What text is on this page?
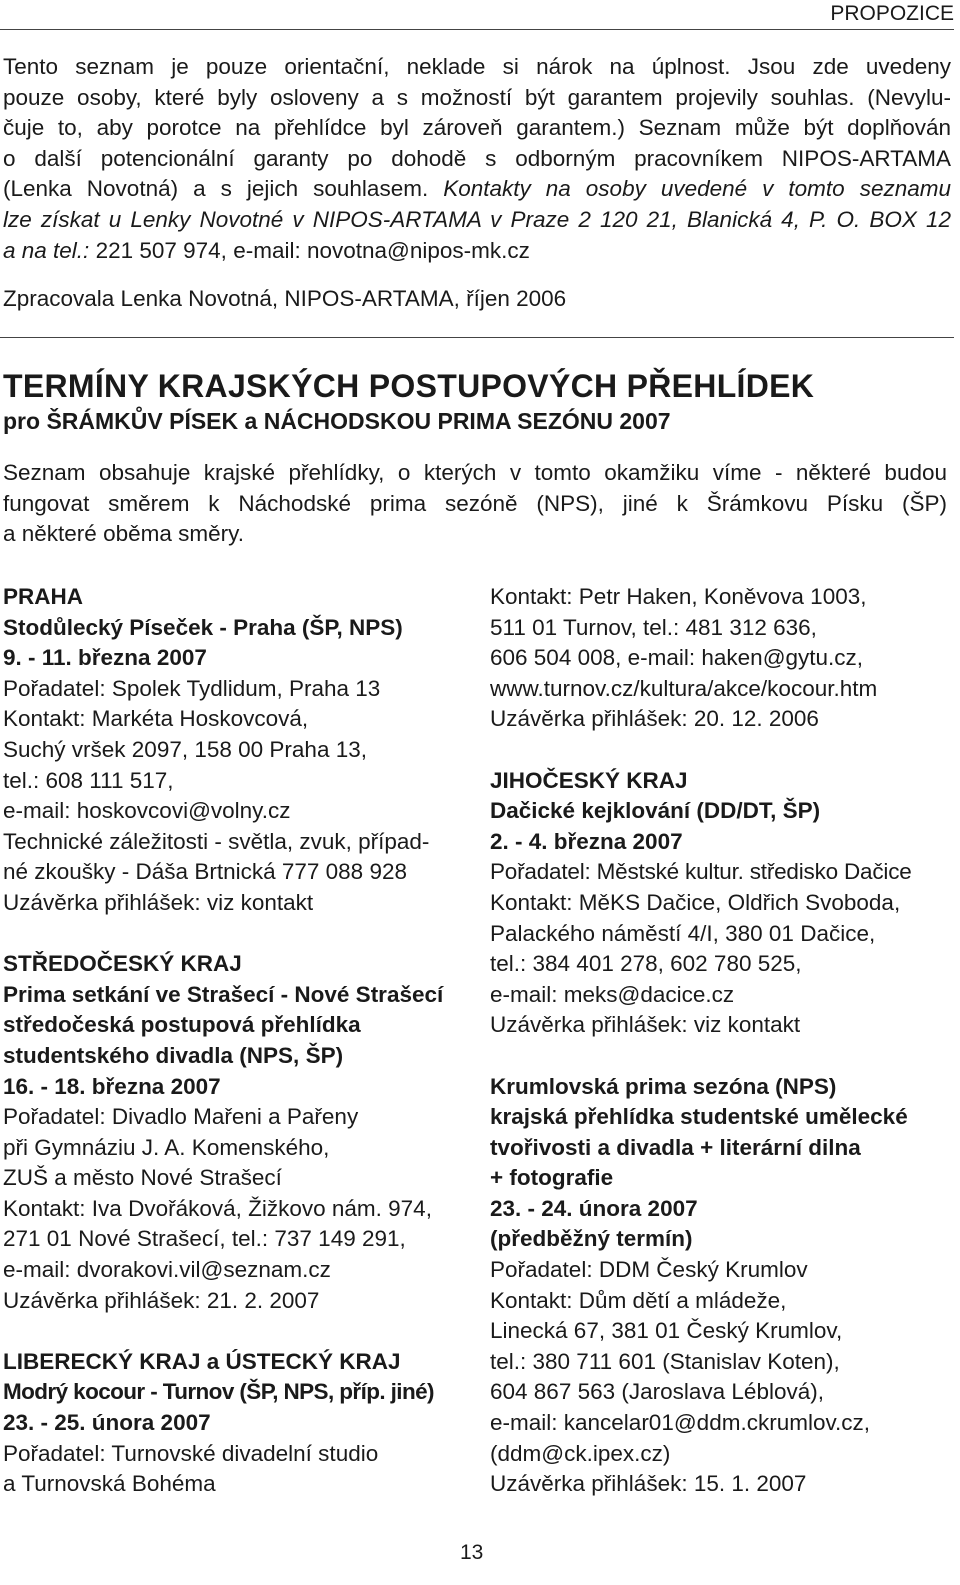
PROPOZICE
Tento seznam je pouze orientační, neklade si nárok na úplnost. Jsou zde uvedeny
pouze osoby, které byly osloveny a s možností být garantem projevily souhlas. (Nevylu-
čuje to, aby porotce na přehlídce byl zároveň garantem.) Seznam může být doplňován
o další potencionální garanty po dohodě s odborným pracovníkem NIPOS-ARTAMA
(Lenka Novotná) a s jejich souhlasem. Kontakty na osoby uvedené v tomto seznamu
lze získat u Lenky Novotné v NIPOS-ARTAMA v Praze 2 120 21, Blanická 4, P. O. BOX 12
a na tel.: 221 507 974, e-mail: novotna@nipos-mk.cz
Zpracovala Lenka Novotná, NIPOS-ARTAMA, říjen 2006
TERMÍNY KRAJSKÝCH POSTUPOVÝCH PŘEHLÍDEK
pro ŠRÁMKŮV PÍSEK a NÁCHODSKOU PRIMA SEZÓNU 2007
Seznam obsahuje krajské přehlídky, o kterých v tomto okamžiku víme - některé budou
fungovat směrem k Náchodské prima sezóně (NPS), jiné k Šrámkovu Písku (ŠP)
a některé oběma směry.
PRAHA
Stodůlecký Píseček - Praha (ŠP, NPS)
9. - 11. března 2007
Pořadatel: Spolek Tydlidum, Praha 13
Kontakt: Markéta Hoskovcová,
Suchý vršek 2097, 158 00 Praha 13,
tel.: 608 111 517,
e-mail: hoskovcovi@volny.cz
Technické záležitosti - světla, zvuk, případ-
né zkoušky - Dáša Brtnická 777 088 928
Uzávěrka přihlášek: viz kontakt
STŘEDOČESKÝ KRAJ
Prima setkání ve Strašecí - Nové Strašecí
středočeská postupová přehlídka
studentského divadla (NPS, ŠP)
16. - 18. března 2007
Pořadatel: Divadlo Mařeni a Pařeny
při Gymnáziu J. A. Komenského,
ZUŠ a město Nové Strašecí
Kontakt: Iva Dvořáková, Žižkovo nám. 974,
271 01 Nové Strašecí, tel.: 737 149 291,
e-mail: dvorakovi.vil@seznam.cz
Uzávěrka přihlášek: 21. 2. 2007
LIBERECKÝ KRAJ a ÚSTECKÝ KRAJ
Modrý kocour - Turnov (ŠP, NPS, příp. jiné)
23. - 25. února 2007
Pořadatel: Turnovské divadelní studio
a Turnovská Bohéma
Kontakt: Petr Haken, Koněvova 1003,
511 01 Turnov, tel.: 481 312 636,
606 504 008, e-mail: haken@gytu.cz,
www.turnov.cz/kultura/akce/kocour.htm
Uzávěrka přihlášek: 20. 12. 2006
JIHOČESKÝ KRAJ
Dačické kejklování (DD/DT, ŠP)
2. - 4. března 2007
Pořadatel: Městské kultur. středisko Dačice
Kontakt: MěKS Dačice, Oldřich Svoboda,
Palackého náměstí 4/I, 380 01 Dačice,
tel.: 384 401 278, 602 780 525,
e-mail: meks@dacice.cz
Uzávěrka přihlášek: viz kontakt
Krumlovská prima sezóna (NPS)
krajská přehlídka studentské umělecké
tvořivosti a divadla + literární dilna
+ fotografie
23. - 24. února 2007
(předběžný termín)
Pořadatel: DDM Český Krumlov
Kontakt: Dům dětí a mládeže,
Linecká 67, 381 01 Český Krumlov,
tel.: 380 711 601 (Stanislav Koten),
604 867 563 (Jaroslava Léblová),
e-mail: kancelar01@ddm.ckrumlov.cz,
(ddm@ck.ipex.cz)
Uzávěrka přihlášek: 15. 1. 2007
13
